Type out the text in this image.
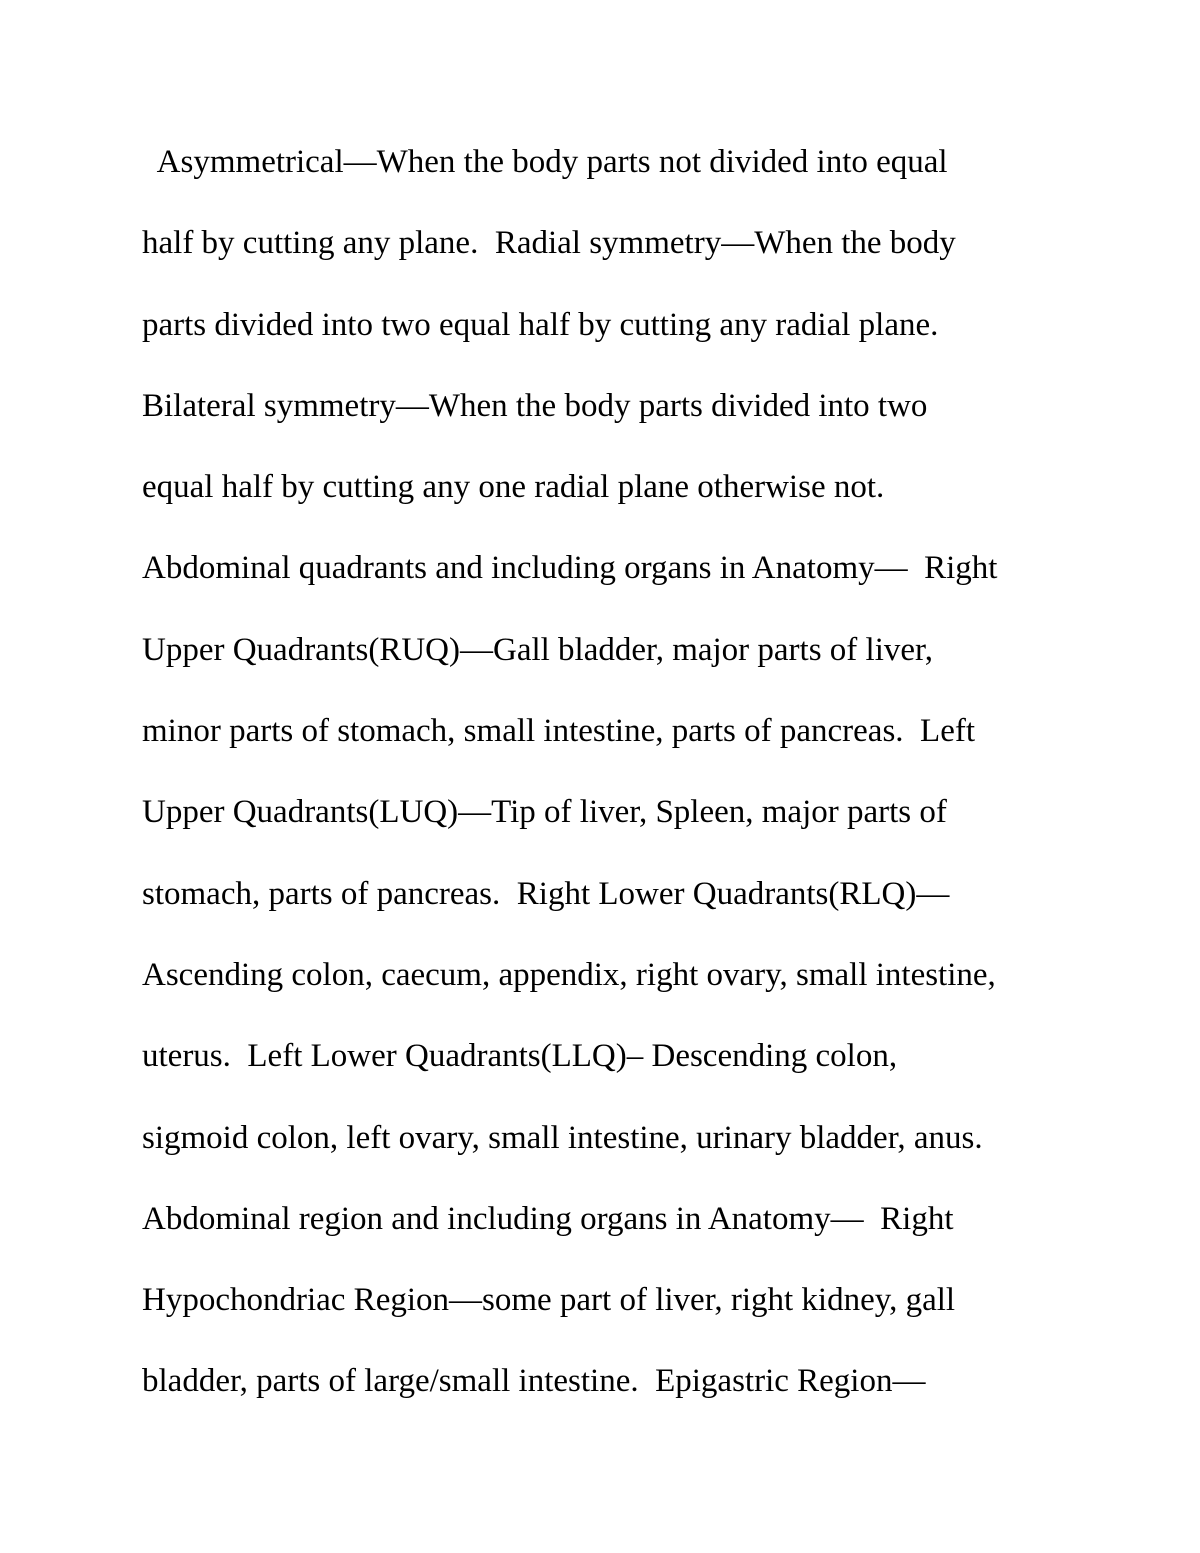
Asymmetrical—When the body parts not divided into equal
half by cutting any plane.  Radial symmetry—When the body
parts divided into two equal half by cutting any radial plane.
Bilateral symmetry—When the body parts divided into two
equal half by cutting any one radial plane otherwise not.
Abdominal quadrants and including organs in Anatomy—  Right
Upper Quadrants(RUQ)—Gall bladder, major parts of liver,
minor parts of stomach, small intestine, parts of pancreas.  Left
Upper Quadrants(LUQ)—Tip of liver, Spleen, major parts of
stomach, parts of pancreas.  Right Lower Quadrants(RLQ)—
Ascending colon, caecum, appendix, right ovary, small intestine,
uterus.  Left Lower Quadrants(LLQ)– Descending colon,
sigmoid colon, left ovary, small intestine, urinary bladder, anus.
Abdominal region and including organs in Anatomy—  Right
Hypochondriac Region—some part of liver, right kidney, gall
bladder, parts of large/small intestine.  Epigastric Region—
